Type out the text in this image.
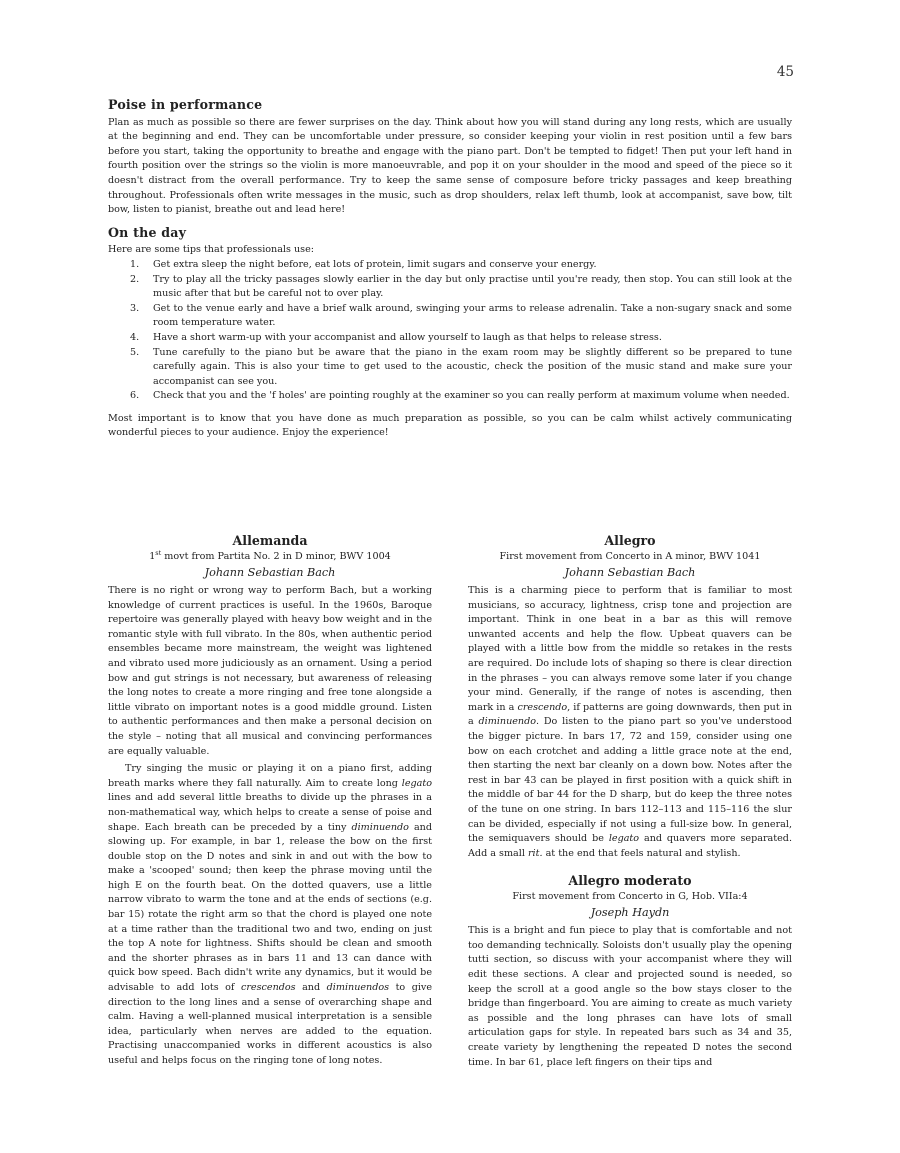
45
Poise in performance

Plan as much as possible so there are fewer surprises on the day. Think about how you will stand during any long rests, which are usually at the beginning and end. They can be uncomfortable under pressure, so consider keeping your violin in rest position until a few bars before you start, taking the opportunity to breathe and engage with the piano part. Don't be tempted to fidget! Then put your left hand in fourth position over the strings so the violin is more manoeuvrable, and pop it on your shoulder in the mood and speed of the piece so it doesn't distract from the overall performance. Try to keep the same sense of composure before tricky passages and keep breathing throughout. Professionals often write messages in the music, such as drop shoulders, relax left thumb, look at accompanist, save bow, tilt bow, listen to pianist, breathe out and lead here!

On the day

Here are some tips that professionals use:

1. Get extra sleep the night before, eat lots of protein, limit sugars and conserve your energy.
2. Try to play all the tricky passages slowly earlier in the day but only practise until you're ready, then stop. You can still look at the music after that but be careful not to over play.
3. Get to the venue early and have a brief walk around, swinging your arms to release adrenalin. Take a non-sugary snack and some room temperature water.
4. Have a short warm-up with your accompanist and allow yourself to laugh as that helps to release stress.
5. Tune carefully to the piano but be aware that the piano in the exam room may be slightly different so be prepared to tune carefully again. This is also your time to get used to the acoustic, check the position of the music stand and make sure your accompanist can see you.
6. Check that you and the 'f holes' are pointing roughly at the examiner so you can really perform at maximum volume when needed.

Most important is to know that you have done as much preparation as possible, so you can be calm whilst actively communicating wonderful pieces to your audience. Enjoy the experience!

Allemanda

1st movt from Partita No. 2 in D minor, BWV 1004

Johann Sebastian Bach

There is no right or wrong way to perform Bach, but a working knowledge of current practices is useful. In the 1960s, Baroque repertoire was generally played with heavy bow weight and in the romantic style with full vibrato. In the 80s, when authentic period ensembles became more mainstream, the weight was lightened and vibrato used more judiciously as an ornament. Using a period bow and gut strings is not necessary, but awareness of releasing the long notes to create a more ringing and free tone alongside a little vibrato on important notes is a good middle ground. Listen to authentic performances and then make a personal decision on the style – noting that all musical and convincing performances are equally valuable.

Try singing the music or playing it on a piano first, adding breath marks where they fall naturally. Aim to create long legato lines and add several little breaths to divide up the phrases in a non-mathematical way, which helps to create a sense of poise and shape. Each breath can be preceded by a tiny diminuendo and slowing up. For example, in bar 1, release the bow on the first double stop on the D notes and sink in and out with the bow to make a 'scooped' sound; then keep the phrase moving until the high E on the fourth beat. On the dotted quavers, use a little narrow vibrato to warm the tone and at the ends of sections (e.g. bar 15) rotate the right arm so that the chord is played one note at a time rather than the traditional two and two, ending on just the top A note for lightness. Shifts should be clean and smooth and the shorter phrases as in bars 11 and 13 can dance with quick bow speed. Bach didn't write any dynamics, but it would be advisable to add lots of crescendos and diminuendos to give direction to the long lines and a sense of overarching shape and calm. Having a well-planned musical interpretation is a sensible idea, particularly when nerves are added to the equation. Practising unaccompanied works in different acoustics is also useful and helps focus on the ringing tone of long notes.

Allegro

First movement from Concerto in A minor, BWV 1041

Johann Sebastian Bach

This is a charming piece to perform that is familiar to most musicians, so accuracy, lightness, crisp tone and projection are important. Think in one beat in a bar as this will remove unwanted accents and help the flow. Upbeat quavers can be played with a little bow from the middle so retakes in the rests are required. Do include lots of shaping so there is clear direction in the phrases – you can always remove some later if you change your mind. Generally, if the range of notes is ascending, then mark in a crescendo, if patterns are going downwards, then put in a diminuendo. Do listen to the piano part so you've understood the bigger picture. In bars 17, 72 and 159, consider using one bow on each crotchet and adding a little grace note at the end, then starting the next bar cleanly on a down bow. Notes after the rest in bar 43 can be played in first position with a quick shift in the middle of bar 44 for the D sharp, but do keep the three notes of the tune on one string. In bars 112–113 and 115–116 the slur can be divided, especially if not using a full-size bow. In general, the semiquavers should be legato and quavers more separated. Add a small rit. at the end that feels natural and stylish.

Allegro moderato

First movement from Concerto in G, Hob. VIIa:4

Joseph Haydn

This is a bright and fun piece to play that is comfortable and not too demanding technically. Soloists don't usually play the opening tutti section, so discuss with your accompanist where they will edit these sections. A clear and projected sound is needed, so keep the scroll at a good angle so the bow stays closer to the bridge than fingerboard. You are aiming to create as much variety as possible and the long phrases can have lots of small articulation gaps for style. In repeated bars such as 34 and 35, create variety by lengthening the repeated D notes the second time. In bar 61, place left fingers on their tips and
